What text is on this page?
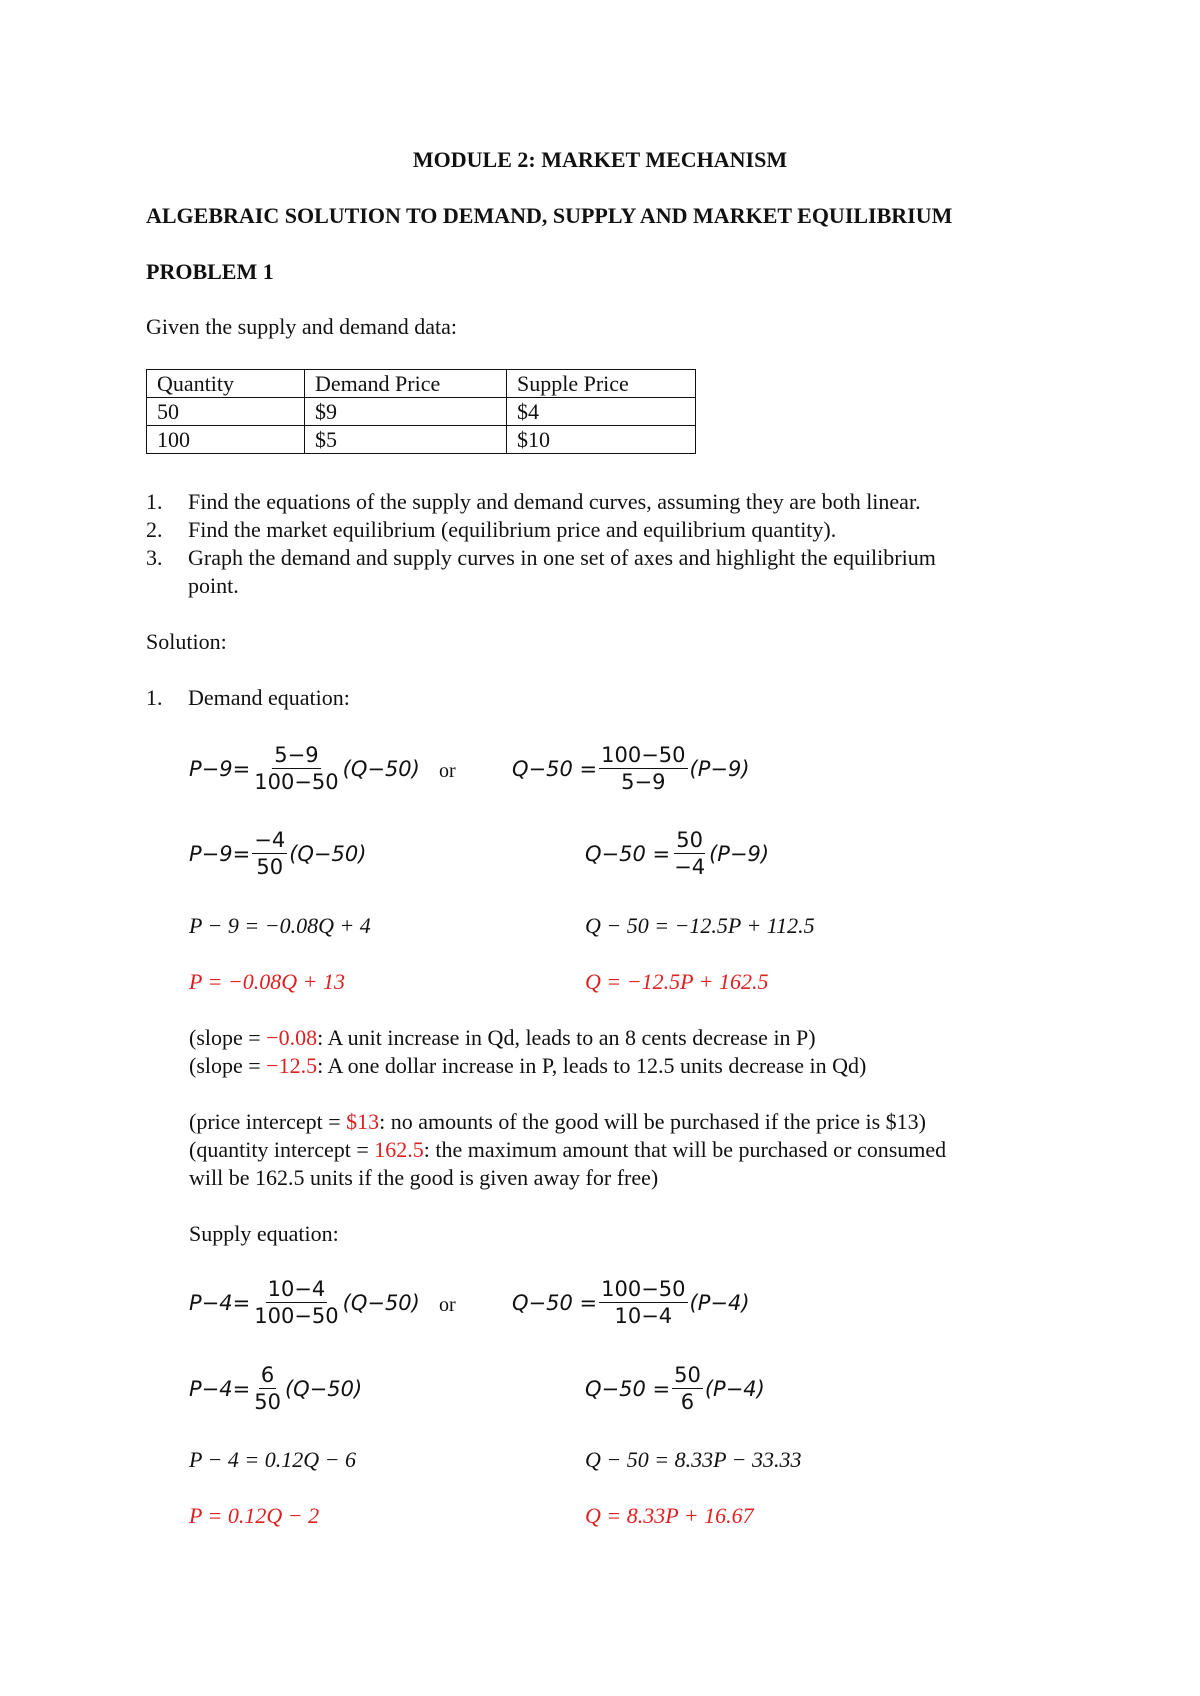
MODULE 2: MARKET MECHANISM
ALGEBRAIC SOLUTION TO DEMAND, SUPPLY AND MARKET EQUILIBRIUM
PROBLEM 1
Given the supply and demand data:
Quantity	Demand Price	Supple Price
50	$9	$4
100	$5	$10
1.	Find the equations of the supply and demand curves, assuming they are both linear.
2.	Find the market equilibrium (equilibrium price and equilibrium quantity).
3.	Graph the demand and supply curves in one set of axes and highlight the equilibrium
point.
Solution:
1.	Demand equation:
$P-9= \frac{5-9}{100-50} (Q-50)$ or	$Q-50 = \frac{100-50}{5-9} (P-9)$
$P-9= \frac{-4}{50} (Q-50)$	$Q-50 = \frac{50}{-4} (P-9)$
P − 9 = −0.08Q + 4	Q − 50 = −12.5P + 112.5
P = −0.08Q + 13	Q = −12.5P + 162.5
(slope = −0.08: A unit increase in Qd, leads to an 8 cents decrease in P)
(slope = −12.5: A one dollar increase in P, leads to 12.5 units decrease in Qd)
(price intercept = $13: no amounts of the good will be purchased if the price is $13)
(quantity intercept = 162.5: the maximum amount that will be purchased or consumed
will be 162.5 units if the good is given away for free)
Supply equation:
$P-4= \frac{10-4}{100-50} (Q-50)$ or	$Q-50 = \frac{100-50}{10-4} (P-4)$
$P-4= \frac{6}{50} (Q-50)$	$Q-50 = \frac{50}{6} (P-4)$
P − 4 = 0.12Q − 6	Q − 50 = 8.33P − 33.33
P = 0.12Q − 2	Q = 8.33P + 16.67
